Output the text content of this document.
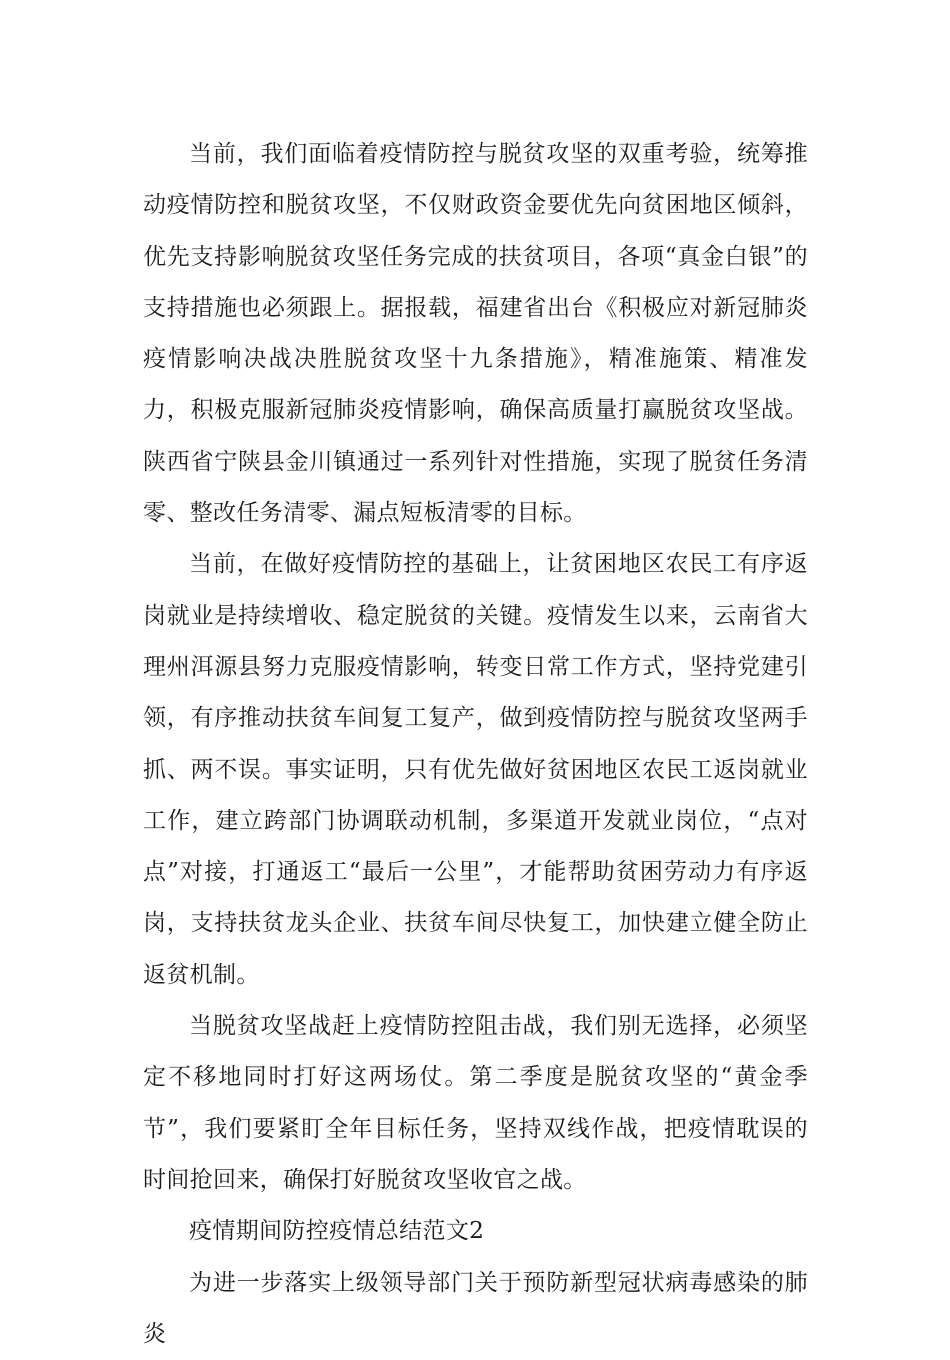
当前，我们面临着疫情防控与脱贫攻坚的双重考验，统筹推动疫情防控和脱贫攻坚，不仅财政资金要优先向贫困地区倾斜，优先支持影响脱贫攻坚任务完成的扶贫项目，各项“真金白银”的支持措施也必须跟上。据报载，福建省出台《积极应对新冠肺炎疫情影响决战决胜脱贫攻坚十九条措施》，精准施策、精准发力，积极克服新冠肺炎疫情影响，确保高质量打赢脱贫攻坚战。陕西省宁陕县金川镇通过一系列针对性措施，实现了脱贫任务清零、整改任务清零、漏点短板清零的目标。

当前，在做好疫情防控的基础上，让贫困地区农民工有序返岗就业是持续增收、稳定脱贫的关键。疫情发生以来，云南省大理州洱源县努力克服疫情影响，转变日常工作方式，坚持党建引领，有序推动扶贫车间复工复产，做到疫情防控与脱贫攻坚两手抓、两不误。事实证明，只有优先做好贫困地区农民工返岗就业工作，建立跨部门协调联动机制，多渠道开发就业岗位，“点对点”对接，打通返工“最后一公里”，才能帮助贫困劳动力有序返岗，支持扶贫龙头企业、扶贫车间尽快复工，加快建立健全防止返贫机制。

当脱贫攻坚战赶上疫情防控阻击战，我们别无选择，必须坚定不移地同时打好这两场仗。第二季度是脱贫攻坚的“黄金季节”，我们要紧盯全年目标任务，坚持双线作战，把疫情耽误的时间抢回来，确保打好脱贫攻坚收官之战。

疫情期间防控疫情总结范文2

为进一步落实上级领导部门关于预防新型冠状病毒感染的肺炎
